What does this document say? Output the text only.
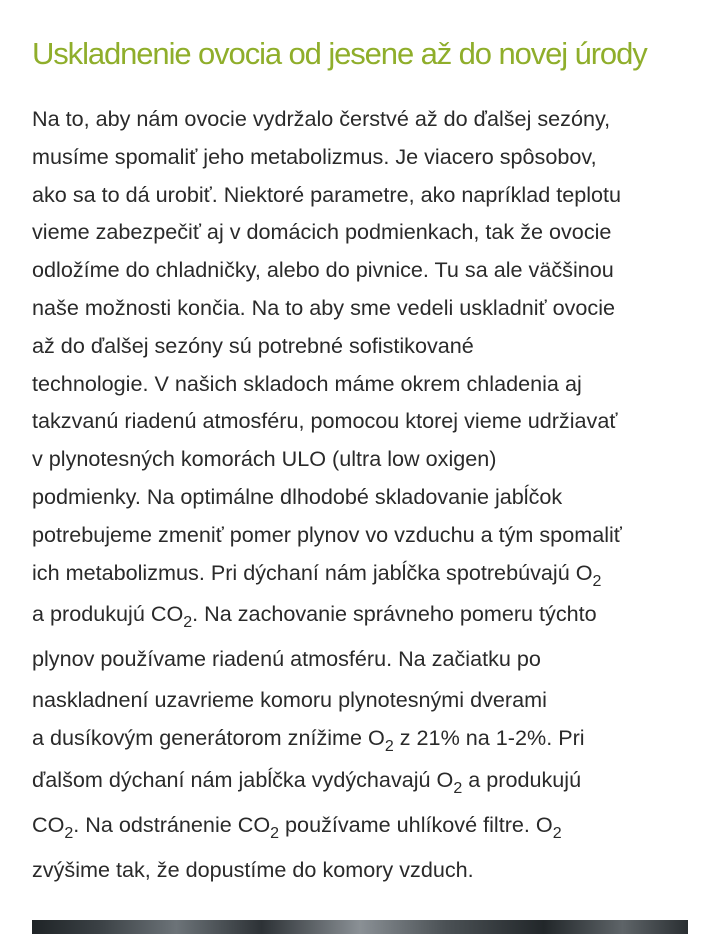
Uskladnenie ovocia od jesene až do novej úrody
Na to, aby nám ovocie vydržalo čerstvé až do ďalšej sezóny,
musíme spomaliť jeho metabolizmus. Je viacero spôsobov,
ako sa to dá urobiť. Niektoré parametre, ako napríklad teplotu
vieme zabezpečiť aj v domácich podmienkach, tak že ovocie
odložíme do chladničky, alebo do pivnice. Tu sa ale väčšinou
naše možnosti končia. Na to aby sme vedeli uskladniť ovocie
až do ďalšej sezóny sú potrebné sofistikované
technologie. V našich skladoch máme okrem chladenia aj
takzvanú riadenú atmosféru, pomocou ktorej vieme udržiavať
v plynotesných komorách ULO (ultra low oxigen)
podmienky. Na optimálne dlhodobé skladovanie jabĺčok
potrebujeme zmeniť pomer plynov vo vzduchu a tým spomaliť
ich metabolizmus. Pri dýchaní nám jabĺčka spotrebúvajú $O_2$
a produkujú $CO_2$. Na zachovanie správneho pomeru týchto
plynov používame riadenú atmosféru. Na začiatku po
naskladnení uzavrieme komoru plynotesnými dverami
a dusíkovým generátorom znížime $O_2$ z 21% na 1-2%. Pri
ďalšom dýchaní nám jabĺčka vydýchavajú $O_2$ a produkujú
$CO_2$. Na odstránenie $CO_2$ používame uhlíkové filtre. $O_2$
zvýšime tak, že dopustíme do komory vzduch.
